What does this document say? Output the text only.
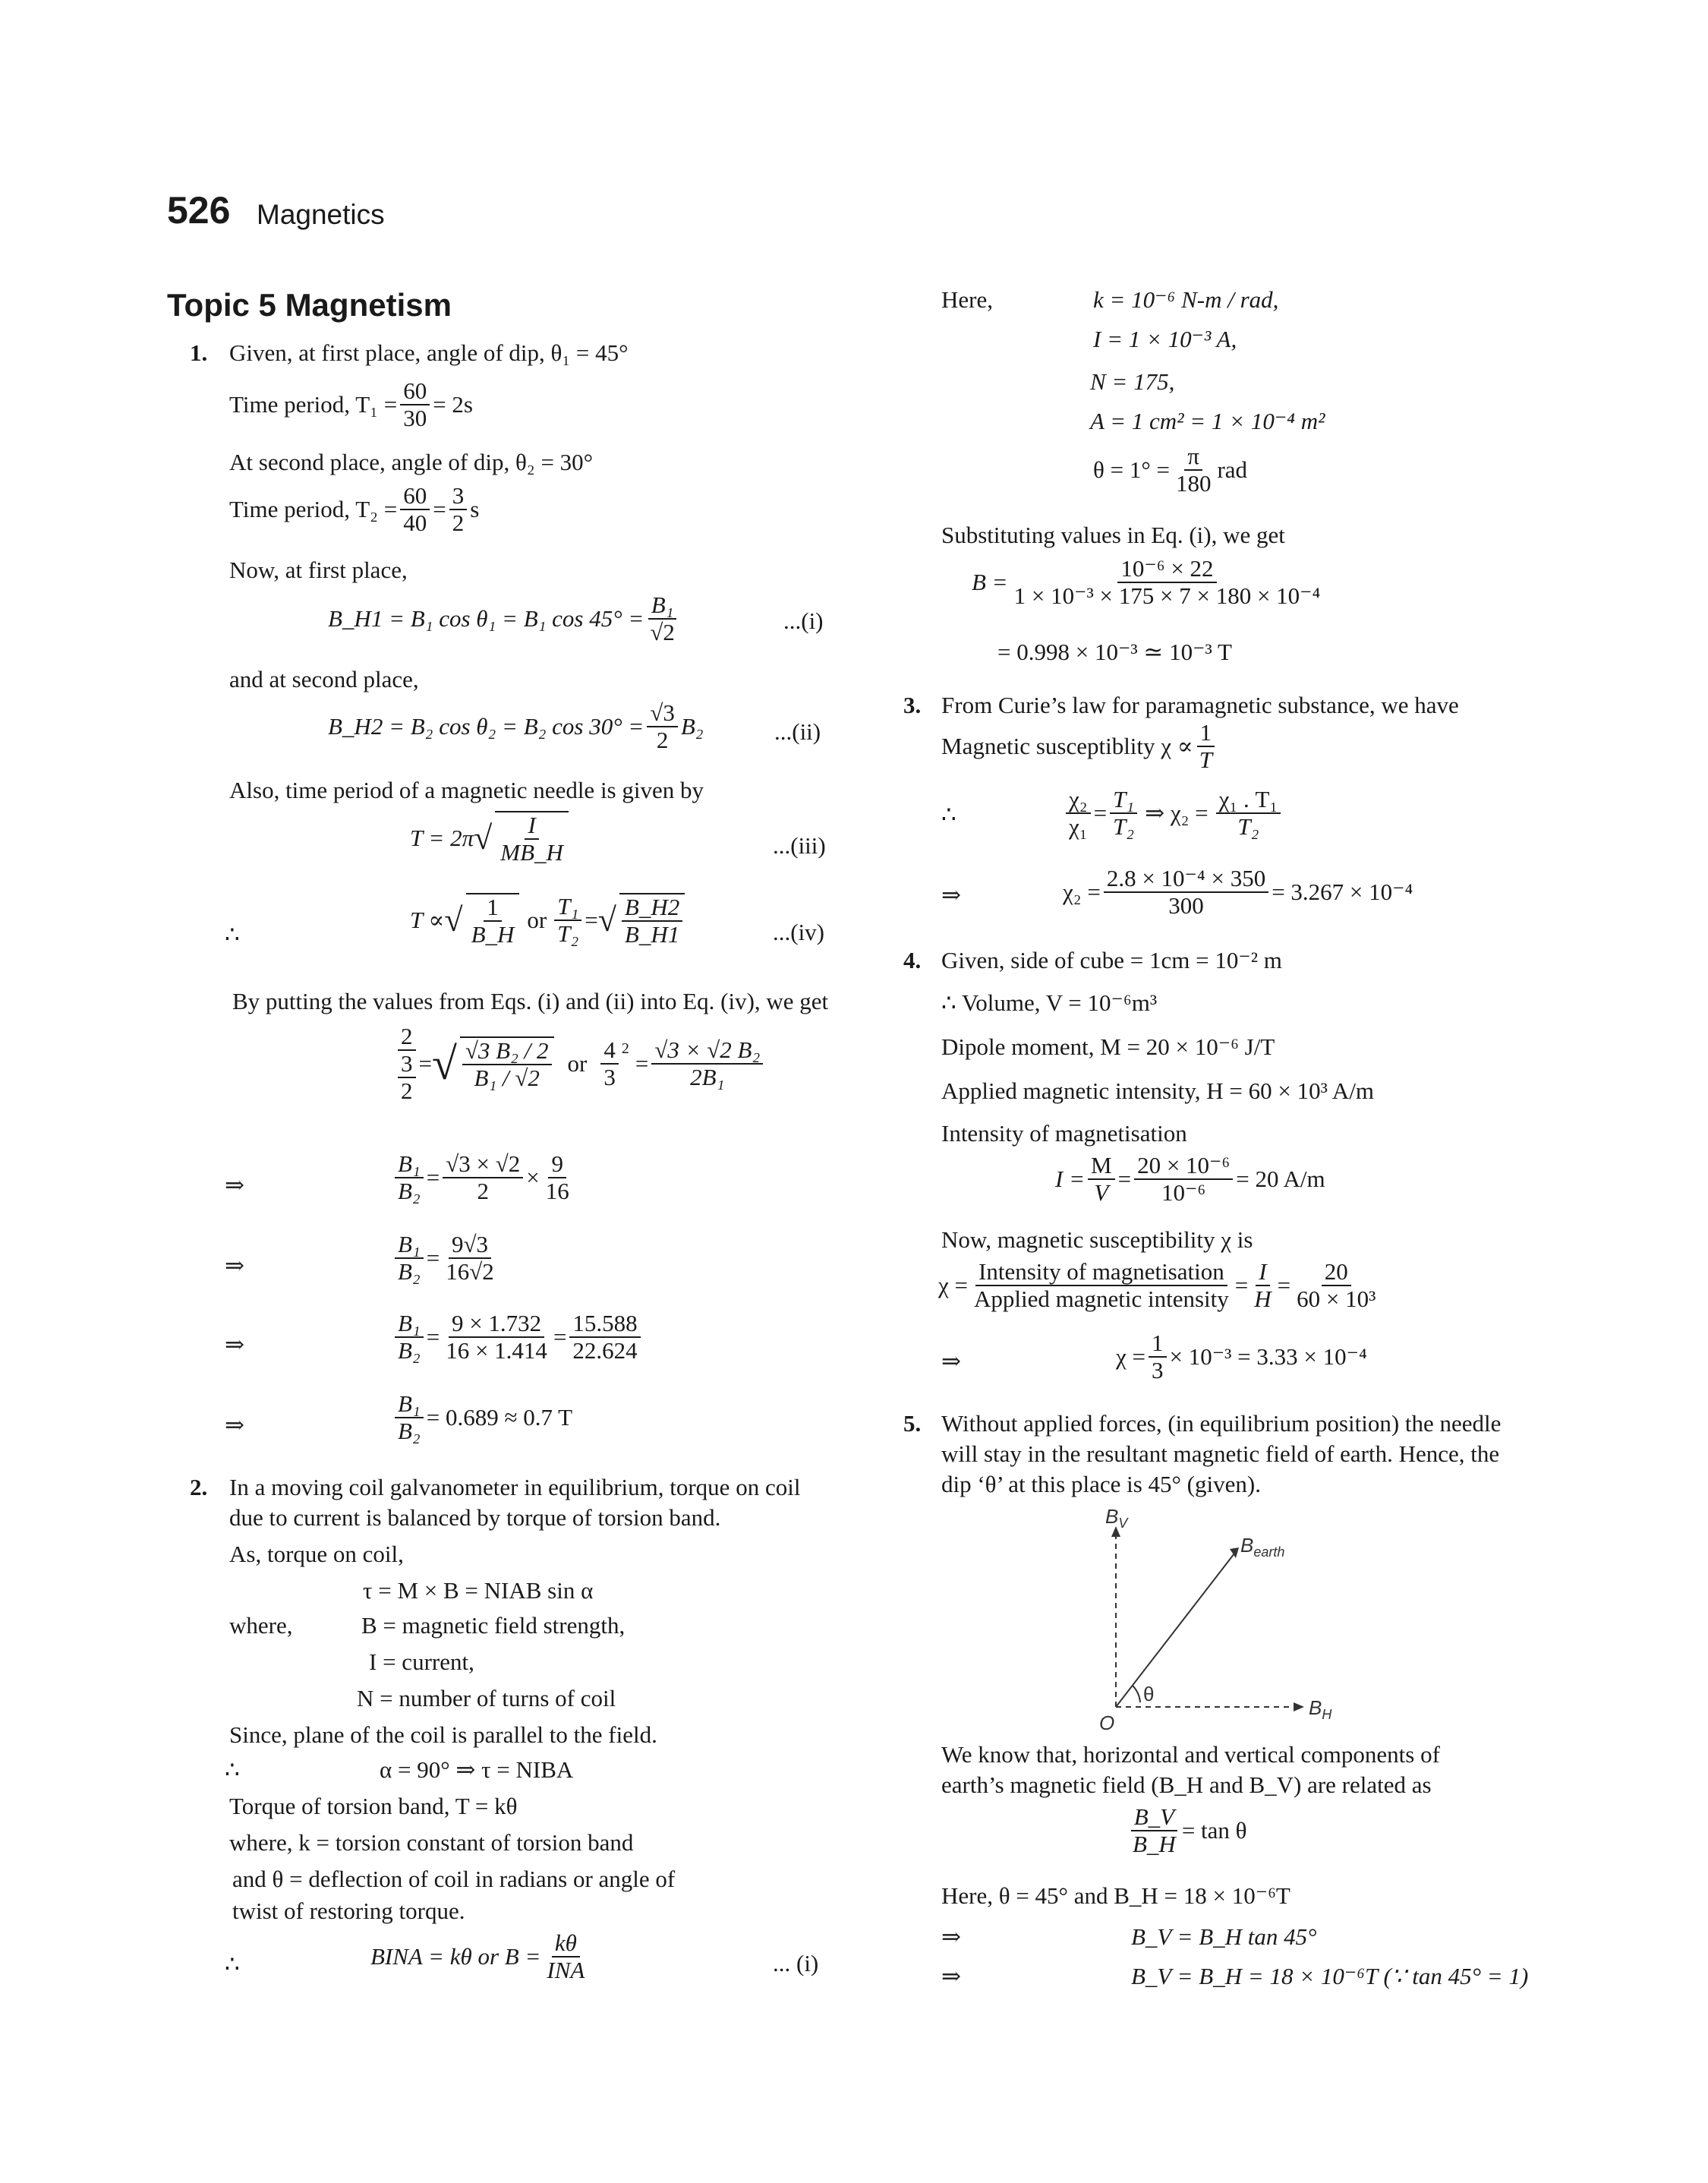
526 Magnetics
Topic 5 Magnetism
1. Given, at first place, angle of dip, θ₁ = 45°
Time period, $T_1 = \frac{60}{30} = 2s$
At second place, angle of dip, θ₂ = 30°
Time period, $T_2 = \frac{60}{40} = \frac{3}{2}$ s
Now, at first place,
B_H1 = B₁ cos θ₁ = B₁ $\cos 45^\circ = \frac{\text{B₁}}{√2}$	...(i)
and at second place,
B_H2 = B₂ cos θ₂ = B₂ $\cos 30^\circ = \frac{√3}{2} B_2$	...(ii)
Also, time period of a magnetic needle is given by
T = 2π √ $\frac{I}{MB\_H}$	...(iii)
∴
T ∝ √ $\frac{1}{B\_H}$ or $\frac{\text{T₁}}{\text{T₂}}$ = √ $\frac{B\_H2}{B\_H1}$	...(iv)
By putting the values from Eqs. (i) and (ii) into Eq. (iv), we get
2
3
2
= √ $\frac{\text{√3 B₂ / 2}}{\text{B₁ / √2}}$ or $\frac{4}{3} 2$
= $\frac{\text{√3 × √2 B₂}}{\text{2B₁}}$
⇒	$\frac{\text{B₁}}{\text{B₂}} = \frac{√3 \times √2}{2} \times \frac{9}{16}$
⇒	$\frac{\text{B₁}}{\text{B₂}} = \frac{9√3}{16√2}$
⇒	$\frac{\text{B₁}}{\text{B₂}} = \frac{9 \times 1.732}{16 \times 1.414} = \frac{15.588}{22.624}$
⇒	$\frac{\text{B₁}}{\text{B₂}} = 0.689 \approx 0.7$ T
2. In a moving coil galvanometer in equilibrium, torque on coil
due to current is balanced by torque of torsion band.
As, torque on coil,
τ = M × B = NIAB sin α
where,	B = magnetic field strength,
I = current,
N = number of turns of coil
Since, plane of the coil is parallel to the field.
∴	α = 90° ⇒ τ = NIBA
Torque of torsion band, T = kθ
where, k = torsion constant of torsion band
and θ = deflection of coil in radians or angle of
twist of restoring torque.
∴	BINA = kθ or $B = \frac{k\theta}{\text{INA}}$	... (i)
Here,	k = 10⁻⁶ N-m / rad,
I = 1 × 10⁻³ A,
N = 175,
A = 1 cm² = 1 × 10⁻⁴ m²
$\theta = 1^\circ = \frac{\pi}{180}$ rad
Substituting values in Eq. (i), we get
$B = \frac{\text{10⁻⁶ × 22}}{\text{1 × 10⁻³ × 175 × 7 × 180 × 10⁻⁴}}$
= 0.998 × 10⁻³ ≃ 10⁻³ T
3. From Curie’s law for paramagnetic substance, we have
Magnetic susceptiblity $\chi \propto \frac{1}{T}$
∴	$\frac{\text{χ₂}}{\text{χ₁}} = \frac{\text{T₁}}{\text{T₂}}$ ⇒ $\chi_2 = \frac{\text{χ₁ . T₁}}{\text{T₂}}$
⇒	$\chi_2 = \frac{\text{2.8 × 10⁻⁴ × 350}}{300} = 3.267 \times 10^{-4}$
4. Given, side of cube = 1cm = 10⁻² m
∴ Volume, V = 10⁻⁶m³
Dipole moment, M = 20 × 10⁻⁶ J/T
Applied magnetic intensity, H = 60 × 10³ A/m
Intensity of magnetisation
$I = \frac{M}{V} = \frac{\text{20 × 10⁻⁶}}{\text{10⁻⁶}} = 20$ A/m
Now, magnetic susceptibility χ is
$\chi = \frac{\text{Intensity of magnetisation}}{\text{Applied magnetic intensity}} = \frac{I}{H} = \frac{20}{\text{60 × 10³}}$
⇒	$\chi = \frac{1}{3} \times 10^{-3} = 3.33 \times 10^{-4}$
5. Without applied forces, (in equilibrium position) the needle
will stay in the resultant magnetic field of earth. Hence, the
dip ‘θ’ at this place is 45° (given).
$B_V$
$B_{earth}$
$B_H$
O
θ
We know that, horizontal and vertical components of
earth’s magnetic field (B_H and B_V) are related as
$\frac{B\_V}{B\_H} = \tan \theta$
Here, θ = 45° and B_H = 18 × 10⁻⁶T
⇒	B_V = B_H tan 45°
⇒	B_V = B_H = 18 × 10⁻⁶T (∵ tan 45° = 1)
